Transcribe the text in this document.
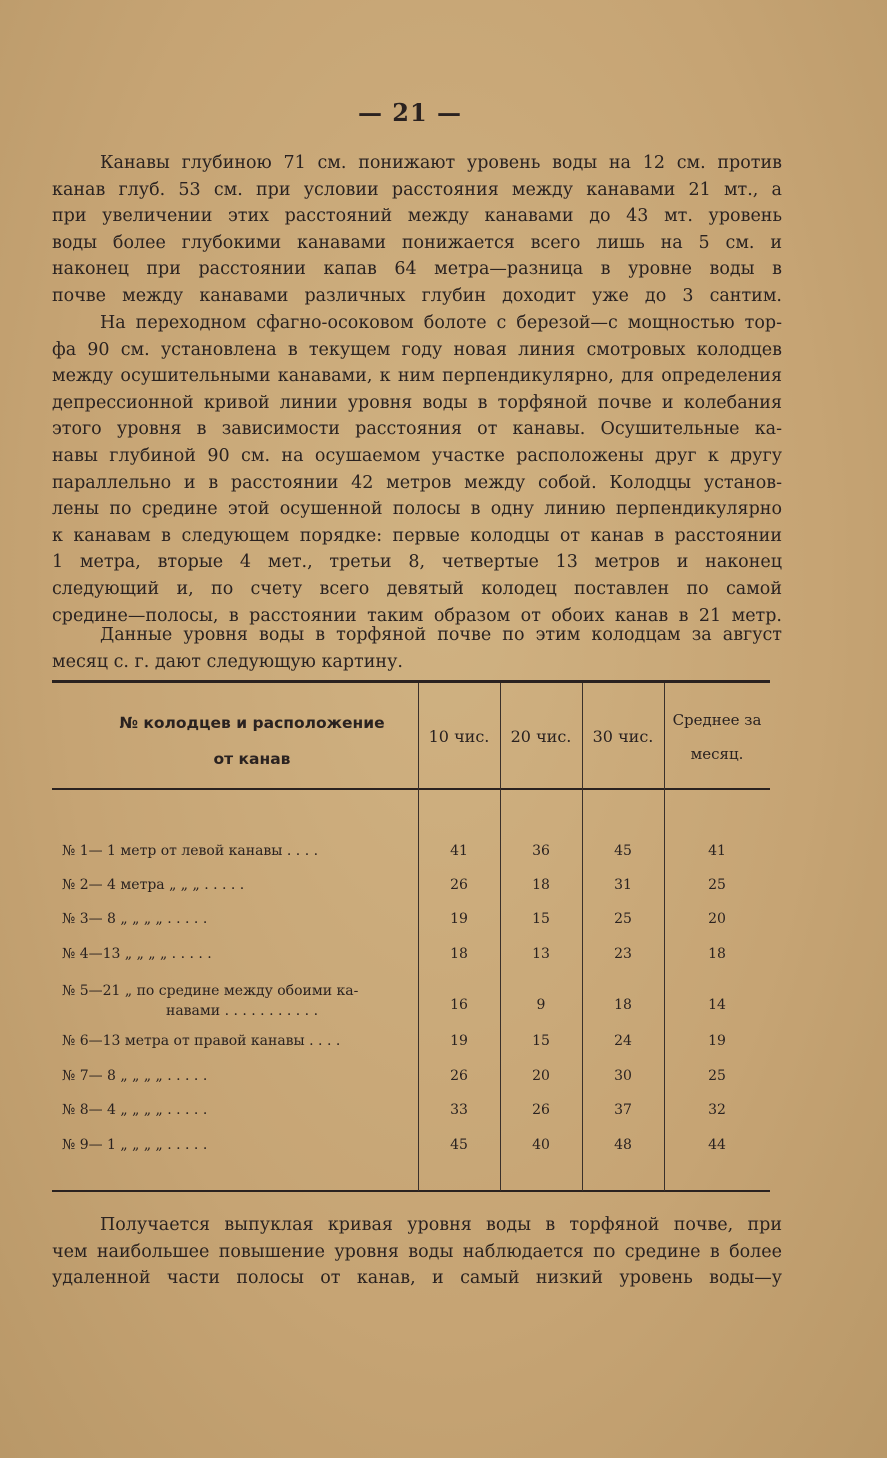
— 21 —
Канавы глубиною 71 см. понижают уровень воды на 12 см. против
канав глуб. 53 см. при условии расстояния между канавами 21 мт., а
при увеличении этих расстояний между канавами до 43 мт. уровень
воды более глубокими канавами понижается всего лишь на 5 см. и
наконец при расстоянии капав 64 метра—разница в уровне воды в
почве между канавами различных глубин доходит уже до 3 сантим.
На переходном сфагно-осоковом болоте с березой—с мощностью тор-
фа 90 см. установлена в текущем году новая линия смотровых колодцев
между осушительными канавами, к ним перпендикулярно, для определения
депрессионной кривой линии уровня воды в торфяной почве и колебания
этого уровня в зависимости расстояния от канавы. Осушительные ка-
навы глубиной 90 см. на осушаемом участке расположены друг к другу
параллельно и в расстоянии 42 метров между собой. Колодцы установ-
лены по средине этой осушенной полосы в одну линию перпендикулярно
к канавам в следующем порядке: первые колодцы от канав в расстоянии
1 метра, вторые 4 мет., третьи 8, четвертые 13 метров и наконец
следующий и, по счету всего девятый колодец поставлен по самой
средине—полосы, в расстоянии таким образом от обоих канав в 21 метр.
Данные уровня воды в торфяной почве по этим колодцам за август
месяц с. г. дают следующую картину.
№ колодцев и расположение
от канав
10 чис.	20 чис.	30 чис.
Среднее за
месяц.
№ 1— 1 метр от левой канавы . . . .	41	36	45	41
№ 2— 4 метра „ „ „ . . . . .	26	18	31	25
№ 3— 8 „ „ „ „ . . . . .	19	15	25	20
№ 4—13 „ „ „ „ . . . . .	18	13	23	18
№ 5—21 „ по средине между обоими ка-
навами . . . . . . . . . . .	16	9	18	14
№ 6—13 метра от правой канавы . . . .	19	15	24	19
№ 7— 8 „ „ „ „ . . . . .	26	20	30	25
№ 8— 4 „ „ „ „ . . . . .	33	26	37	32
№ 9— 1 „ „ „ „ . . . . .	45	40	48	44
Получается выпуклая кривая уровня воды в торфяной почве, при
чем наибольшее повышение уровня воды наблюдается по средине в более
удаленной части полосы от канав, и самый низкий уровень воды—у
